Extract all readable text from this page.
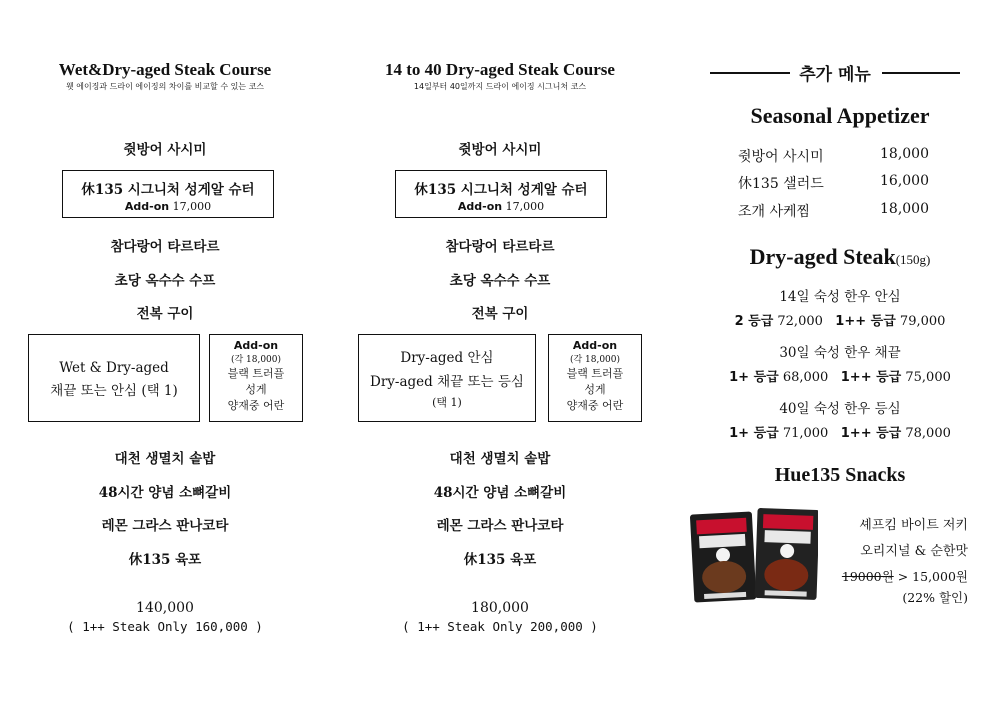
Wet&Dry-aged Steak Course
웻 에이징과 드라이 에이징의 차이를 비교할 수 있는 코스
쥣방어 사시미
休135 시그니처 성게알 슈터
Add-on 17,000
참다랑어 타르타르
초당 옥수수 수프
전복 구이
Wet & Dry-aged
채끝 또는 안심 (택 1)
Add-on
(각 18,000)
블랙 트러플
성게
양재중 어란
대천 생멸치 솥밥
48시간 양념 소뼈갈비
레몬 그라스 판나코타
休135 육포
140,000
( 1++ Steak Only 160,000 )
14 to 40 Dry-aged Steak Course
14일부터 40일까지 드라이 에이징 시그니처 코스
쥣방어 사시미
休135 시그니처 성게알 슈터
Add-on 17,000
참다랑어 타르타르
초당 옥수수 수프
전복 구이
Dry-aged 안심
Dry-aged 채끝 또는 등심
(택 1)
Add-on
(각 18,000)
블랙 트러플
성게
양재중 어란
대천 생멸치 솥밥
48시간 양념 소뼈갈비
레몬 그라스 판나코타
休135 육포
180,000
( 1++ Steak Only 200,000 )
추가 메뉴
Seasonal Appetizer
쥣방어 사시미	18,000
休135 샐러드	16,000
조개 사케찜	18,000
Dry-aged Steak(150g)
14일 숙성 한우 안심
2 등급 72,000 1++ 등급 79,000
30일 숙성 한우 채끝
1+ 등급 68,000 1++ 등급 75,000
40일 숙성 한우 등심
1+ 등급 71,000 1++ 등급 78,000
Hue135 Snacks
셰프킴 바이트 저키
오리지널 & 순한맛
19000원 > 15,000원
(22% 할인)
